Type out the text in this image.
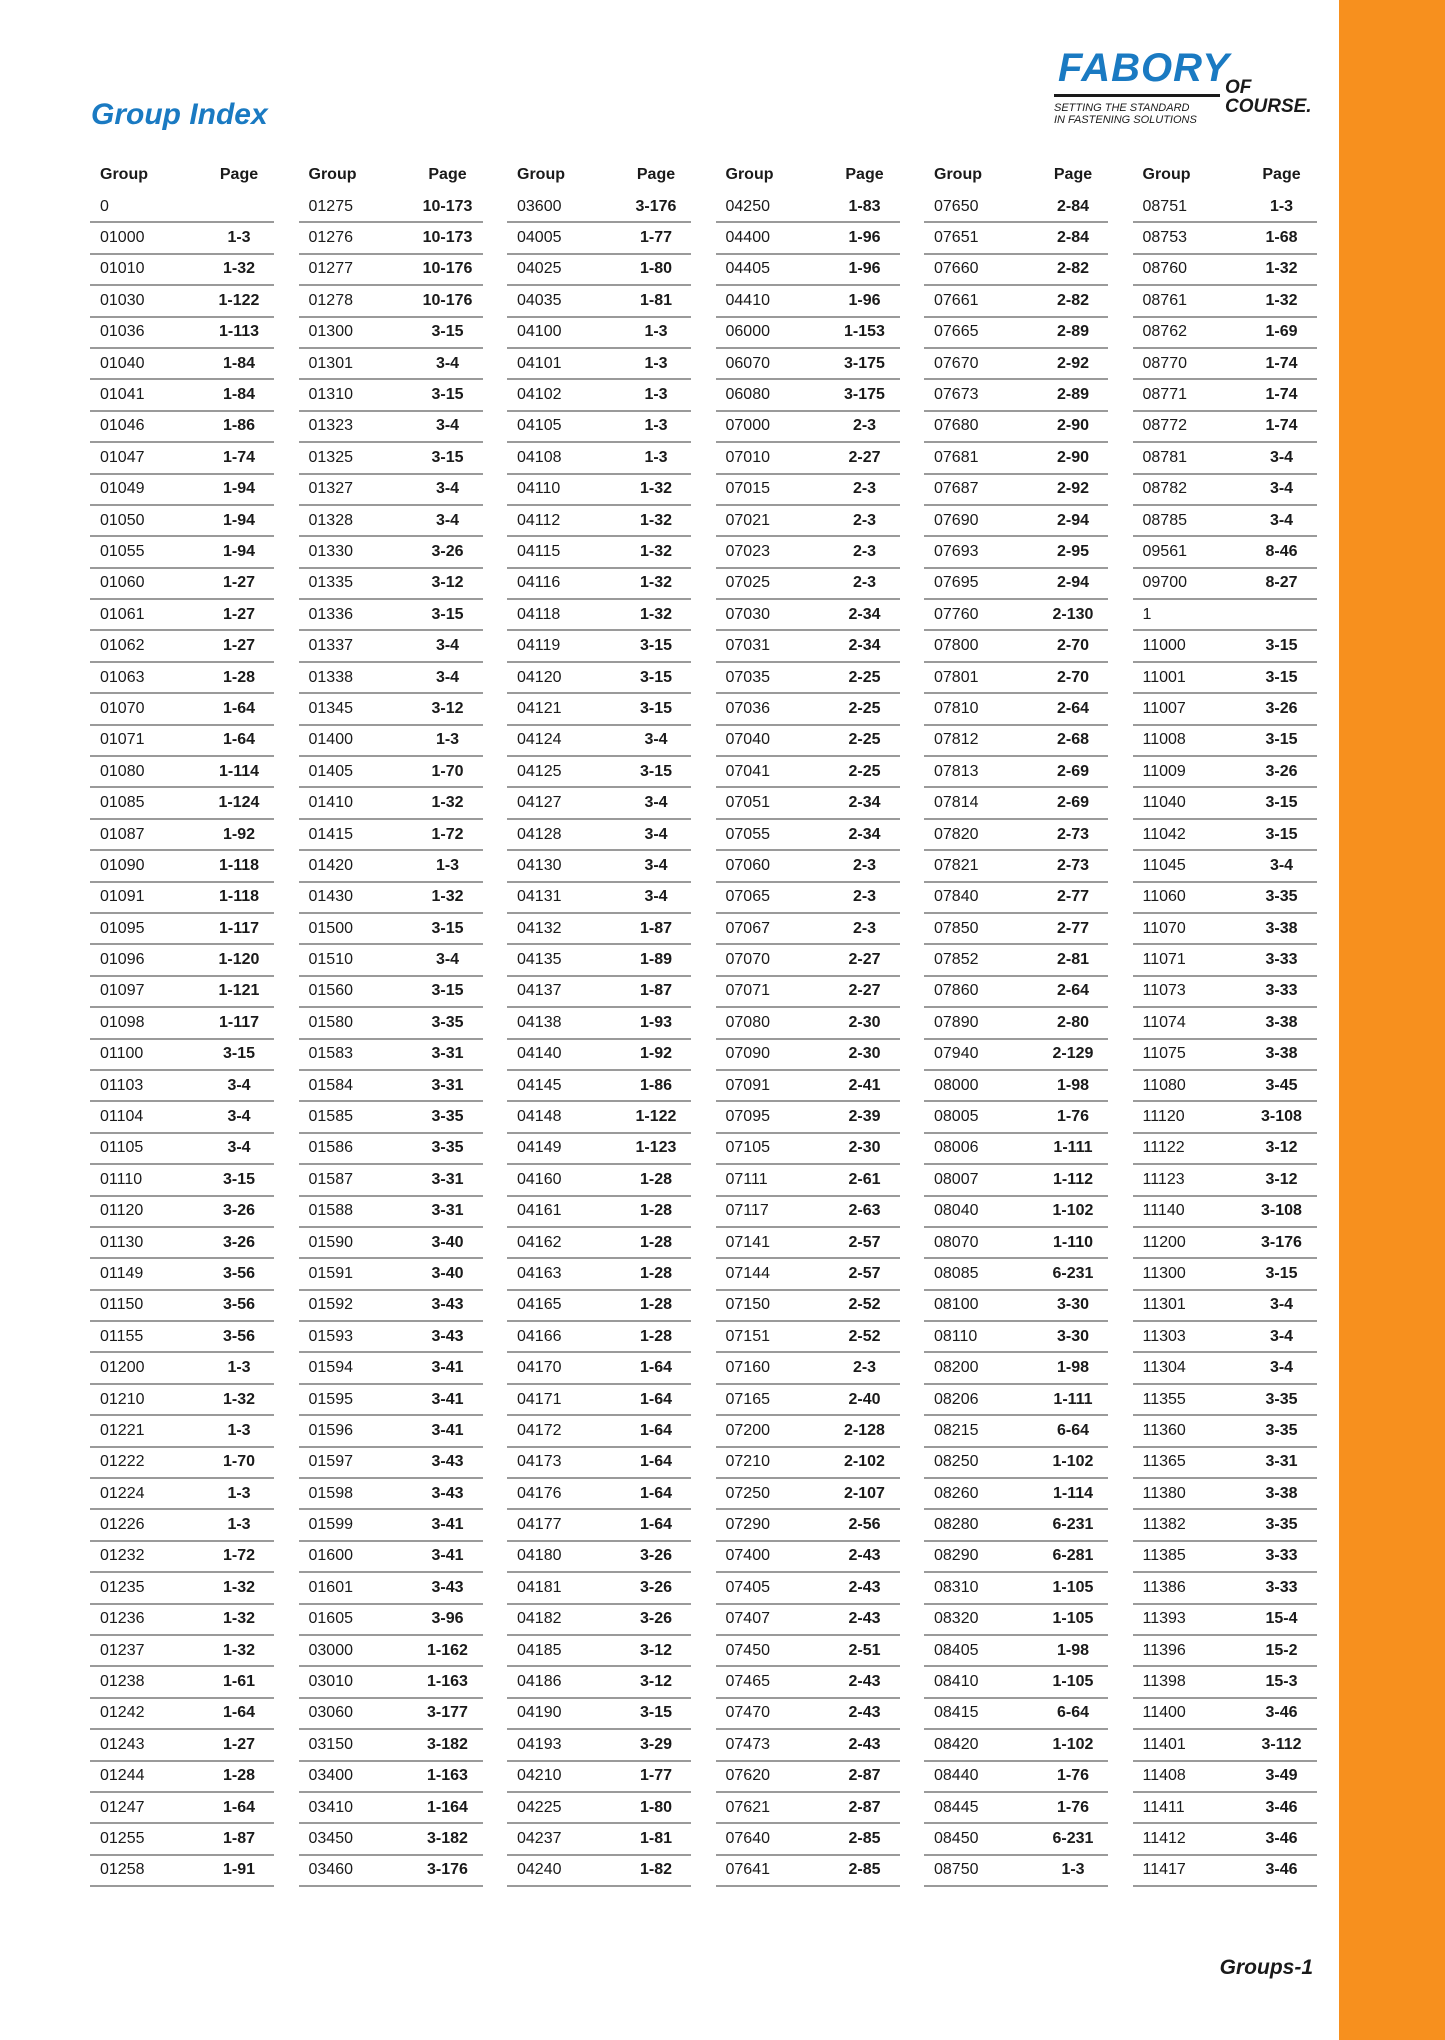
Group Index
FABORY
OF COURSE.
SETTING THE STANDARD
IN FASTENING SOLUTIONS
Group	Page
0
01000	1-3
01010	1-32
01030	1-122
01036	1-113
01040	1-84
01041	1-84
01046	1-86
01047	1-74
01049	1-94
01050	1-94
01055	1-94
01060	1-27
01061	1-27
01062	1-27
01063	1-28
01070	1-64
01071	1-64
01080	1-114
01085	1-124
01087	1-92
01090	1-118
01091	1-118
01095	1-117
01096	1-120
01097	1-121
01098	1-117
01100	3-15
01103	3-4
01104	3-4
01105	3-4
01110	3-15
01120	3-26
01130	3-26
01149	3-56
01150	3-56
01155	3-56
01200	1-3
01210	1-32
01221	1-3
01222	1-70
01224	1-3
01226	1-3
01232	1-72
01235	1-32
01236	1-32
01237	1-32
01238	1-61
01242	1-64
01243	1-27
01244	1-28
01247	1-64
01255	1-87
01258	1-91
Group	Page
01275	10-173
01276	10-173
01277	10-176
01278	10-176
01300	3-15
01301	3-4
01310	3-15
01323	3-4
01325	3-15
01327	3-4
01328	3-4
01330	3-26
01335	3-12
01336	3-15
01337	3-4
01338	3-4
01345	3-12
01400	1-3
01405	1-70
01410	1-32
01415	1-72
01420	1-3
01430	1-32
01500	3-15
01510	3-4
01560	3-15
01580	3-35
01583	3-31
01584	3-31
01585	3-35
01586	3-35
01587	3-31
01588	3-31
01590	3-40
01591	3-40
01592	3-43
01593	3-43
01594	3-41
01595	3-41
01596	3-41
01597	3-43
01598	3-43
01599	3-41
01600	3-41
01601	3-43
01605	3-96
03000	1-162
03010	1-163
03060	3-177
03150	3-182
03400	1-163
03410	1-164
03450	3-182
03460	3-176
Group	Page
03600	3-176
04005	1-77
04025	1-80
04035	1-81
04100	1-3
04101	1-3
04102	1-3
04105	1-3
04108	1-3
04110	1-32
04112	1-32
04115	1-32
04116	1-32
04118	1-32
04119	3-15
04120	3-15
04121	3-15
04124	3-4
04125	3-15
04127	3-4
04128	3-4
04130	3-4
04131	3-4
04132	1-87
04135	1-89
04137	1-87
04138	1-93
04140	1-92
04145	1-86
04148	1-122
04149	1-123
04160	1-28
04161	1-28
04162	1-28
04163	1-28
04165	1-28
04166	1-28
04170	1-64
04171	1-64
04172	1-64
04173	1-64
04176	1-64
04177	1-64
04180	3-26
04181	3-26
04182	3-26
04185	3-12
04186	3-12
04190	3-15
04193	3-29
04210	1-77
04225	1-80
04237	1-81
04240	1-82
Group	Page
04250	1-83
04400	1-96
04405	1-96
04410	1-96
06000	1-153
06070	3-175
06080	3-175
07000	2-3
07010	2-27
07015	2-3
07021	2-3
07023	2-3
07025	2-3
07030	2-34
07031	2-34
07035	2-25
07036	2-25
07040	2-25
07041	2-25
07051	2-34
07055	2-34
07060	2-3
07065	2-3
07067	2-3
07070	2-27
07071	2-27
07080	2-30
07090	2-30
07091	2-41
07095	2-39
07105	2-30
07111	2-61
07117	2-63
07141	2-57
07144	2-57
07150	2-52
07151	2-52
07160	2-3
07165	2-40
07200	2-128
07210	2-102
07250	2-107
07290	2-56
07400	2-43
07405	2-43
07407	2-43
07450	2-51
07465	2-43
07470	2-43
07473	2-43
07620	2-87
07621	2-87
07640	2-85
07641	2-85
Group	Page
07650	2-84
07651	2-84
07660	2-82
07661	2-82
07665	2-89
07670	2-92
07673	2-89
07680	2-90
07681	2-90
07687	2-92
07690	2-94
07693	2-95
07695	2-94
07760	2-130
07800	2-70
07801	2-70
07810	2-64
07812	2-68
07813	2-69
07814	2-69
07820	2-73
07821	2-73
07840	2-77
07850	2-77
07852	2-81
07860	2-64
07890	2-80
07940	2-129
08000	1-98
08005	1-76
08006	1-111
08007	1-112
08040	1-102
08070	1-110
08085	6-231
08100	3-30
08110	3-30
08200	1-98
08206	1-111
08215	6-64
08250	1-102
08260	1-114
08280	6-231
08290	6-281
08310	1-105
08320	1-105
08405	1-98
08410	1-105
08415	6-64
08420	1-102
08440	1-76
08445	1-76
08450	6-231
08750	1-3
Group	Page
08751	1-3
08753	1-68
08760	1-32
08761	1-32
08762	1-69
08770	1-74
08771	1-74
08772	1-74
08781	3-4
08782	3-4
08785	3-4
09561	8-46
09700	8-27
1
11000	3-15
11001	3-15
11007	3-26
11008	3-15
11009	3-26
11040	3-15
11042	3-15
11045	3-4
11060	3-35
11070	3-38
11071	3-33
11073	3-33
11074	3-38
11075	3-38
11080	3-45
11120	3-108
11122	3-12
11123	3-12
11140	3-108
11200	3-176
11300	3-15
11301	3-4
11303	3-4
11304	3-4
11355	3-35
11360	3-35
11365	3-31
11380	3-38
11382	3-35
11385	3-33
11386	3-33
11393	15-4
11396	15-2
11398	15-3
11400	3-46
11401	3-112
11408	3-49
11411	3-46
11412	3-46
11417	3-46
Groups-1
